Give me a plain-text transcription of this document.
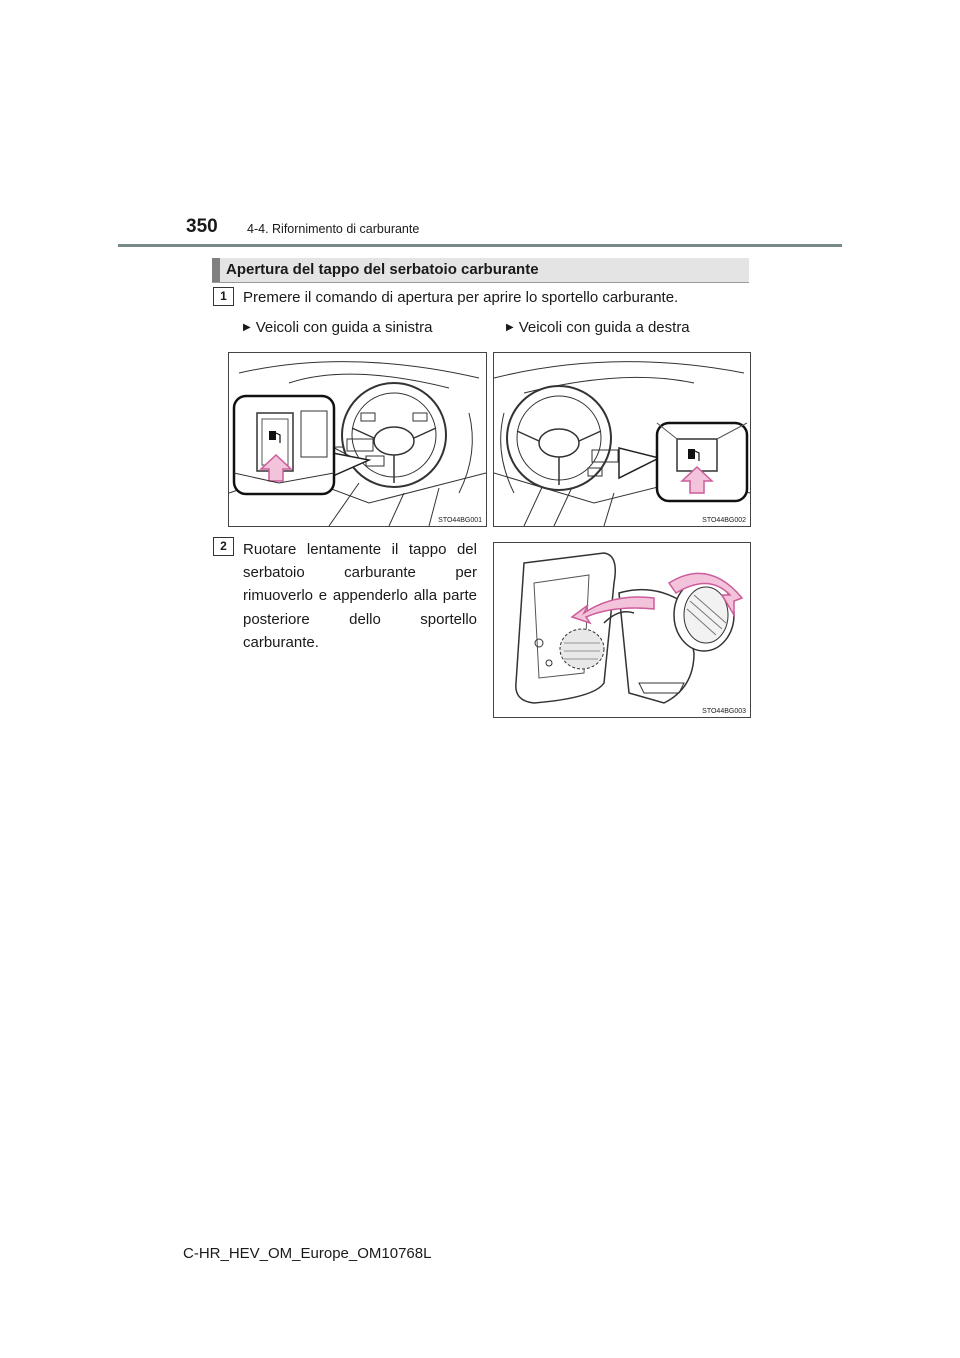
350 4-4. Rifornimento di carburante
Apertura del tappo del serbatoio carburante
1	Premere il comando di apertura per aprire lo sportello carburante.
▶ Veicoli con guida a sinistra	▶ Veicoli con guida a destra
STO44BG001	STO44BG002
2	Ruotare lentamente il tappo del serbatoio carburante per rimuoverlo e appenderlo alla parte posteriore dello sportello carburante.
STO44BG003
C-HR_HEV_OM_Europe_OM10768L
